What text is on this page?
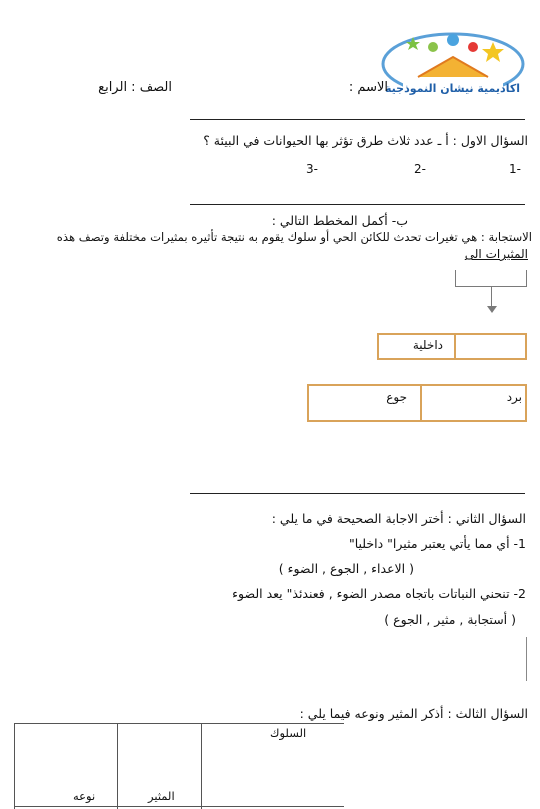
اكاديمية نيشان النموذجية
الصف : الرابع	الاسم :
السؤال الاول : أ ـ عدد ثلاث طرق تؤثر بها الحيوانات في البيئة ؟
1-
2-
3-
ب- أكمل المخطط التالي :
الاستجابة : هي تغيرات تحدث للكائن الحي أو سلوك يقوم به نتيجة تأثيره بمثيرات مختلفة وتصف هذه
المثيرات الى
داخلية
برد
جوع
السؤال الثاني : أختر الاجابة الصحيحة في ما يلي :
1- أي مما يأتي يعتبر مثيرا" داخليا"
( الاعداء , الجوع , الضوء )
2- تنحني النباتات باتجاه مصدر الضوء , فعندئذ" يعد الضوء
( أستجابة , مثير , الجوع )
السؤال الثالث : أذكر المثير ونوعه فيما يلي :
السلوك
المثير
نوعه
